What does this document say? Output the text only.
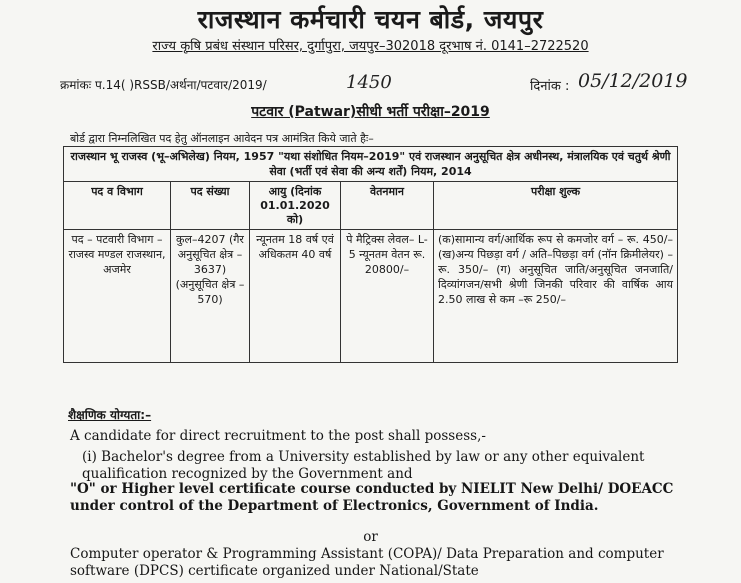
राजस्थान कर्मचारी चयन बोर्ड, जयपुर
राज्य कृषि प्रबंध संस्थान परिसर, दुर्गापुरा, जयपुर–302018 दूरभाष नं. 0141–2722520
क्रमांकः प.14( )RSSB/अर्थना/पटवार/2019/	1450	दिनांक : 05/12/2019
पटवार (Patwar)सीधी भर्ती परीक्षा–2019
बोर्ड द्वारा निम्नलिखित पद हेतु ऑनलाइन आवेदन पत्र आमंत्रित किये जाते हैः–
राजस्थान भू राजस्व (भू–अभिलेख) नियम, 1957 "यथा संशोधित नियम–2019" एवं राजस्थान अनुसूचित क्षेत्र अधीनस्थ, मंत्रालयिक एवं चतुर्थ श्रेणी सेवा (भर्ती एवं सेवा की अन्य शर्तें) नियम, 2014				
पद व विभाग	पद संख्या	आयु (दिनांक 01.01.2020 को)	वेतनमान	परीक्षा शुल्क
पद – पटवारी विभाग – राजस्व मण्डल राजस्थान, अजमेर	कुल–4207 (गैर अनुसूचित क्षेत्र – 3637) (अनुसूचित क्षेत्र – 570)	न्यूनतम 18 वर्ष एवं अधिकतम 40 वर्ष	पे मैट्रिक्स लेवल– L-5 न्यूनतम वेतन रू. 20800/–	(क)सामान्य वर्ग/आर्थिक रूप से कमजोर वर्ग – रू. 450/– (ख)अन्य पिछड़ा वर्ग / अति–पिछड़ा वर्ग (नॉन क्रिमीलेयर) – रू. 350/– (ग) अनुसूचित जाति/अनुसूचित जनजाति/दिव्यांगजन/सभी श्रेणी जिनकी परिवार की वार्षिक आय 2.50 लाख से कम –रू 250/–
शैक्षणिक योग्यता:–
A candidate for direct recruitment to the post shall possess,-
(i) Bachelor's degree from a University established by law or any other equivalent qualification recognized by the Government and
"O" or Higher level certificate course conducted by NIELIT New Delhi/ DOEACC under control of the Department of Electronics, Government of India.
or
Computer operator & Programming Assistant (COPA)/ Data Preparation and computer software (DPCS) certificate organized under National/State
